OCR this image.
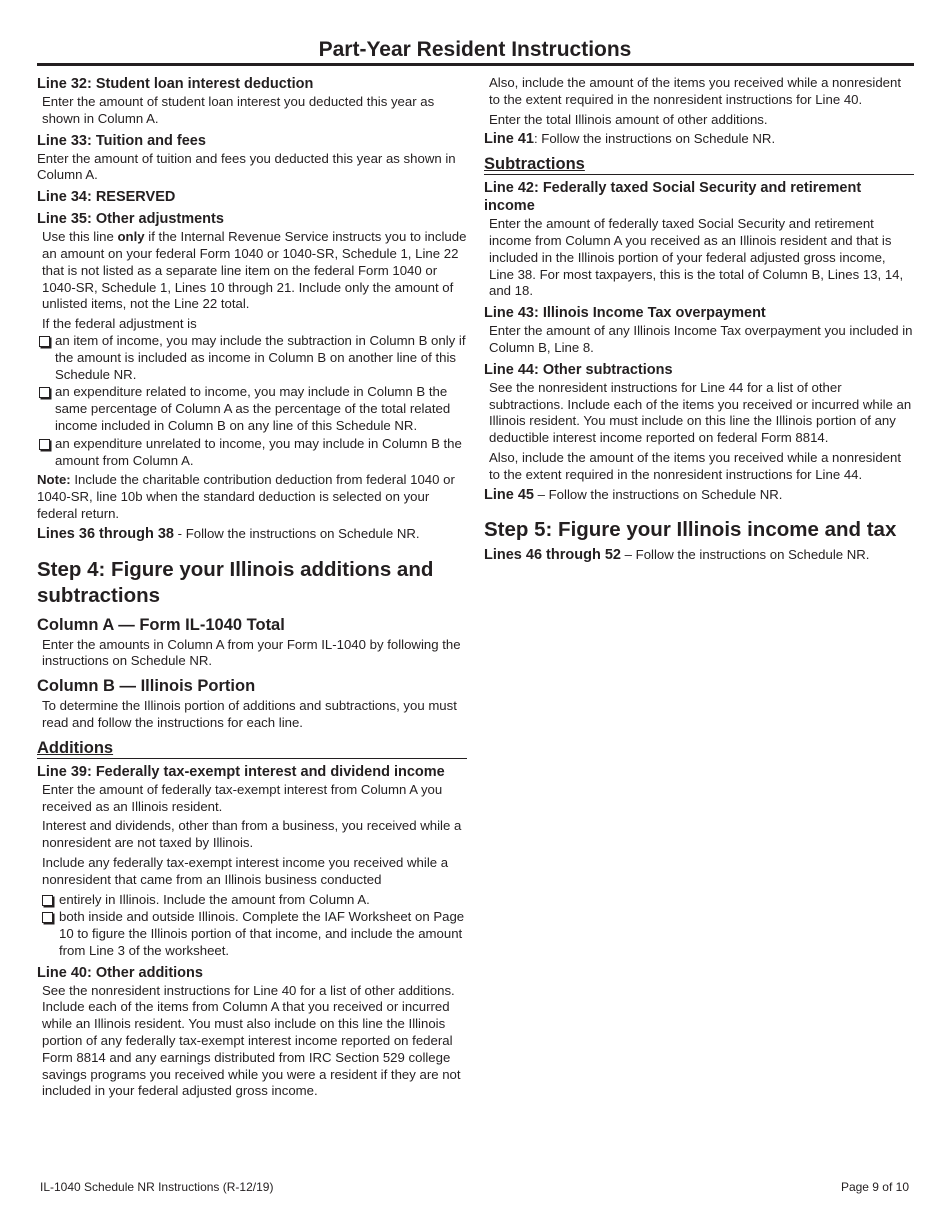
Part-Year Resident Instructions
Line 32: Student loan interest deduction
Enter the amount of student loan interest you deducted this year as shown in Column A.
Line 33: Tuition and fees
Enter the amount of tuition and fees you deducted this year as shown in Column A.
Line 34: RESERVED
Line 35: Other adjustments
Use this line only if the Internal Revenue Service instructs you to include an amount on your federal Form 1040 or 1040-SR, Schedule 1, Line 22 that is not listed as a separate line item on the federal Form 1040 or 1040-SR, Schedule 1, Lines 10 through 21. Include only the amount of unlisted items, not the Line 22 total.
If the federal adjustment is
an item of income, you may include the subtraction in Column B only if the amount is included as income in Column B on another line of this Schedule NR.
an expenditure related to income, you may include in Column B the same percentage of Column A as the percentage of the total related income included in Column B on any line of this Schedule NR.
an expenditure unrelated to income, you may include in Column B the amount from Column A.
Note: Include the charitable contribution deduction from federal 1040 or 1040-SR, line 10b when the standard deduction is selected on your federal return.
Lines 36 through 38 - Follow the instructions on Schedule NR.
Step 4: Figure your Illinois additions and subtractions
Column A — Form IL-1040 Total
Enter the amounts in Column A from your Form IL-1040 by following the instructions on Schedule NR.
Column B — Illinois Portion
To determine the Illinois portion of additions and subtractions, you must read and follow the instructions for each line.
Additions
Line 39: Federally tax-exempt interest and dividend income
Enter the amount of federally tax-exempt interest from Column A you received as an Illinois resident.
Interest and dividends, other than from a business, you received while a nonresident are not taxed by Illinois.
Include any federally tax-exempt interest income you received while a nonresident that came from an Illinois business conducted
entirely in Illinois. Include the amount from Column A.
both inside and outside Illinois. Complete the IAF Worksheet on Page 10 to figure the Illinois portion of that income, and include the amount from Line 3 of the worksheet.
Line 40: Other additions
See the nonresident instructions for Line 40 for a list of other additions. Include each of the items from Column A that you received or incurred while an Illinois resident. You must also include on this line the Illinois portion of any federally tax-exempt interest income reported on federal Form 8814 and any earnings distributed from IRC Section 529 college savings programs you received while you were a resident if they are not included in your federal adjusted gross income.
Also, include the amount of the items you received while a nonresident to the extent required in the nonresident instructions for Line 40.
Enter the total Illinois amount of other additions.
Line 41: Follow the instructions on Schedule NR.
Subtractions
Line 42: Federally taxed Social Security and retirement income
Enter the amount of federally taxed Social Security and retirement income from Column A you received as an Illinois resident and that is included in the Illinois portion of your federal adjusted gross income, Line 38. For most taxpayers, this is the total of Column B, Lines 13, 14, and 18.
Line 43: Illinois Income Tax overpayment
Enter the amount of any Illinois Income Tax overpayment you included in Column B, Line 8.
Line 44: Other subtractions
See the nonresident instructions for Line 44 for a list of other subtractions. Include each of the items you received or incurred while an Illinois resident. You must include on this line the Illinois portion of any deductible interest income reported on federal Form 8814.
Also, include the amount of the items you received while a nonresident to the extent required in the nonresident instructions for Line 44.
Line 45 – Follow the instructions on Schedule NR.
Step 5: Figure your Illinois income and tax
Lines 46 through 52 – Follow the instructions on Schedule NR.
IL-1040 Schedule NR Instructions (R-12/19)	Page 9 of 10
